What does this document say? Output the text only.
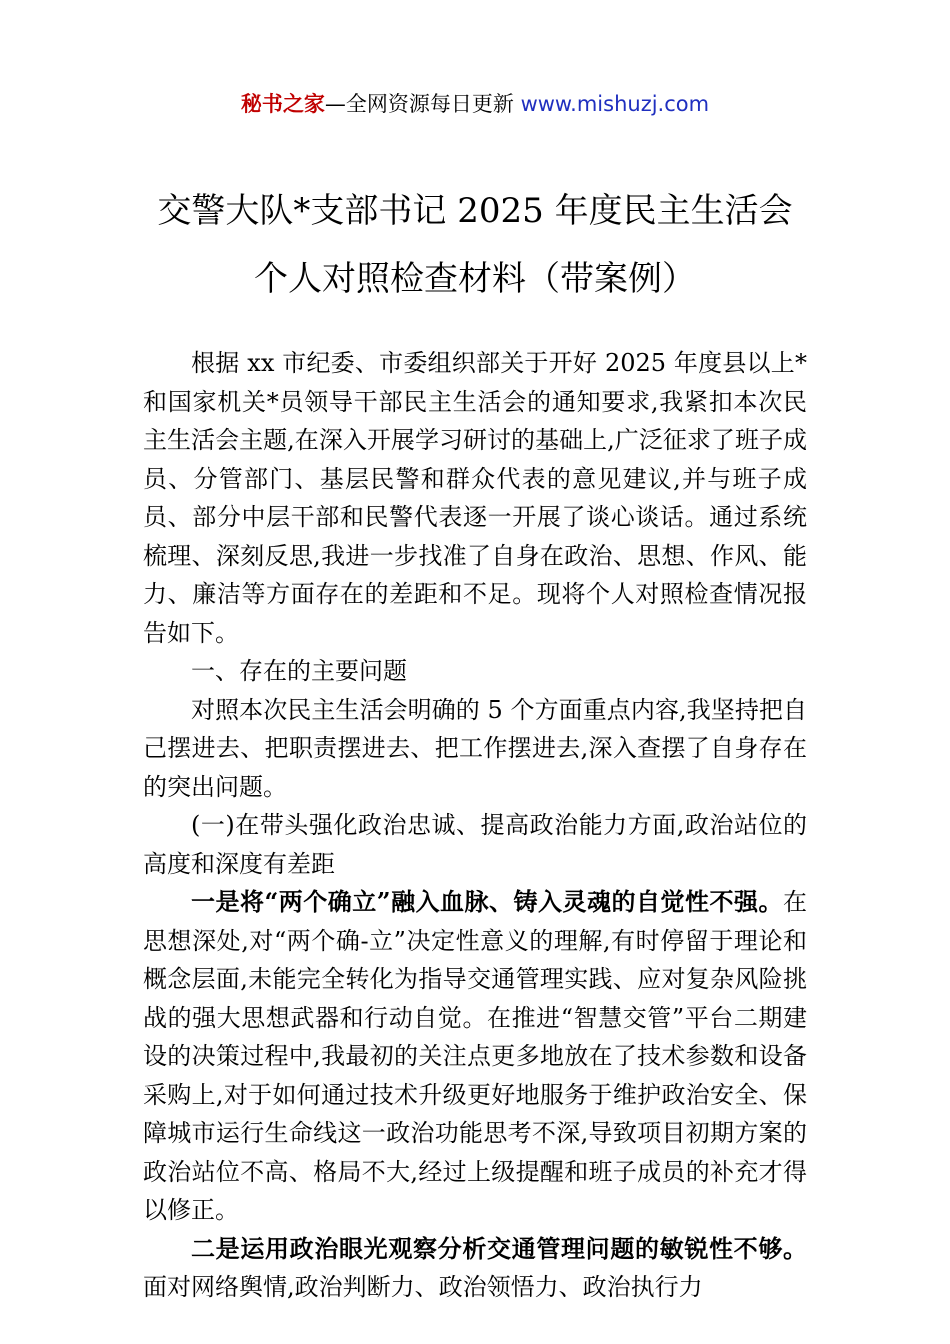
秘书之家—全网资源每日更新 www.mishuzj.com
交警大队*支部书记 2025 年度民主生活会
个人对照检查材料（带案例）

根据 xx 市纪委、市委组织部关于开好 2025 年度县以上*和国家机关*员领导干部民主生活会的通知要求,我紧扣本次民主生活会主题,在深入开展学习研讨的基础上,广泛征求了班子成员、分管部门、基层民警和群众代表的意见建议,并与班子成员、部分中层干部和民警代表逐一开展了谈心谈话。通过系统梳理、深刻反思,我进一步找准了自身在政治、思想、作风、能力、廉洁等方面存在的差距和不足。现将个人对照检查情况报告如下。

一、存在的主要问题

对照本次民主生活会明确的 5 个方面重点内容,我坚持把自己摆进去、把职责摆进去、把工作摆进去,深入查摆了自身存在的突出问题。

(一)在带头强化政治忠诚、提高政治能力方面,政治站位的高度和深度有差距

一是将“两个确立”融入血脉、铸入灵魂的自觉性不强。在思想深处,对“两个确-立”决定性意义的理解,有时停留于理论和概念层面,未能完全转化为指导交通管理实践、应对复杂风险挑战的强大思想武器和行动自觉。在推进“智慧交管”平台二期建设的决策过程中,我最初的关注点更多地放在了技术参数和设备采购上,对于如何通过技术升级更好地服务于维护政治安全、保障城市运行生命线这一政治功能思考不深,导致项目初期方案的政治站位不高、格局不大,经过上级提醒和班子成员的补充才得以修正。

二是运用政治眼光观察分析交通管理问题的敏锐性不够。面对网络舆情,政治判断力、政治领悟力、政治执行力
